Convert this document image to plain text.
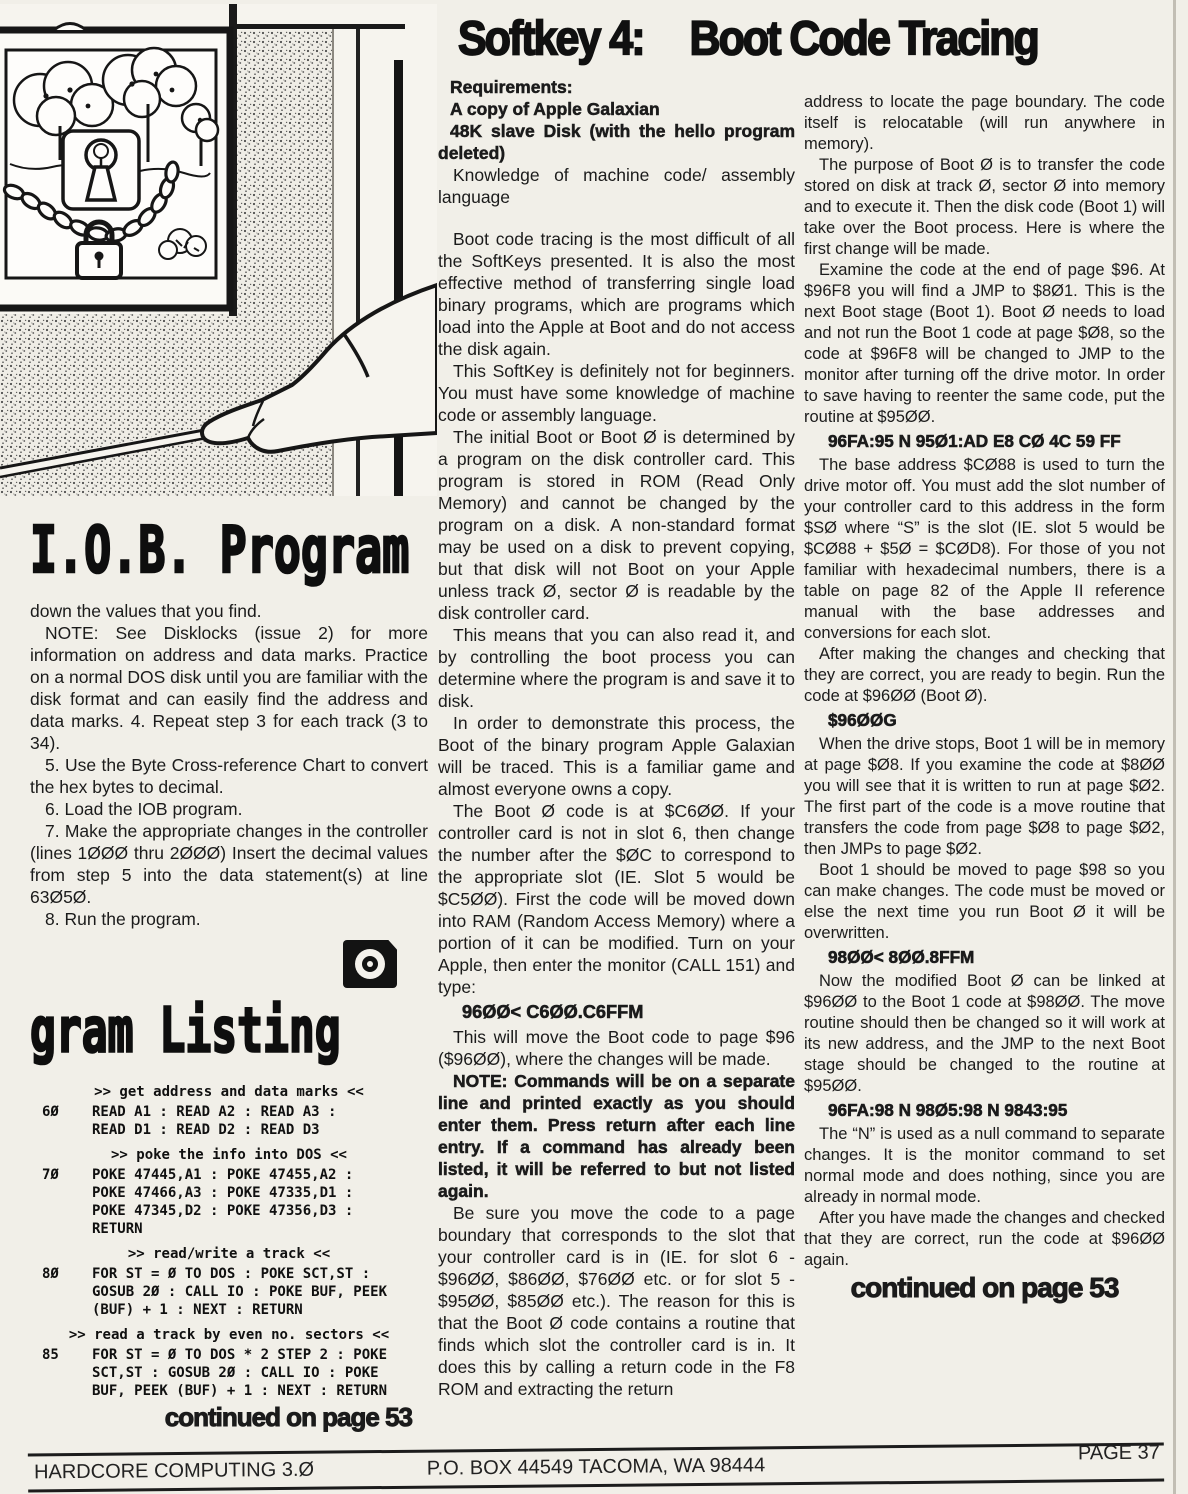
Softkey 4: Boot Code Tracing
I.O.B. Program

down the values that you find.

NOTE: See Disklocks (issue 2) for more information on address and data marks. Practice on a normal DOS disk until you are familiar with the disk format and can easily find the address and data marks. 4. Repeat step 3 for each track (3 to 34).

5. Use the Byte Cross-reference Chart to convert the hex bytes to decimal.

6. Load the IOB program.

7. Make the appropriate changes in the controller (lines 1ØØØ thru 2ØØØ) Insert the decimal values from step 5 into the data statement(s) at line 63Ø5Ø.

8. Run the program.

gram Listing
>> get address and data marks <<
6Ø	READ A1 : READ A2 : READ A3 :
READ D1 : READ D2 : READ D3
>> poke the info into DOS <<
7Ø	POKE 47445,A1 : POKE 47455,A2 :
POKE 47466,A3 : POKE 47335,D1 :
POKE 47345,D2 : POKE 47356,D3 :
RETURN
>> read/write a track <<
8Ø	FOR ST = Ø TO DOS : POKE SCT,ST :
GOSUB 2Ø : CALL IO : POKE BUF, PEEK
(BUF) + 1 : NEXT : RETURN
>> read a track by even no. sectors <<
85	FOR ST = Ø TO DOS * 2 STEP 2 : POKE
SCT,ST : GOSUB 2Ø : CALL IO : POKE
BUF, PEEK (BUF) + 1 : NEXT : RETURN
continued on page 53

Requirements:

A copy of Apple Galaxian

48K slave Disk (with the hello program deleted)

Knowledge of machine code/ assembly language

Boot code tracing is the most difficult of all the SoftKeys presented. It is also the most effective method of transferring single load binary programs, which are programs which load into the Apple at Boot and do not access the disk again.

This SoftKey is definitely not for beginners. You must have some knowledge of machine code or assembly language.

The initial Boot or Boot Ø is determined by a program on the disk controller card. This program is stored in ROM (Read Only Memory) and cannot be changed by the program on a disk. A non-standard format may be used on a disk to prevent copying, but that disk will not Boot on your Apple unless track Ø, sector Ø is readable by the disk controller card.

This means that you can also read it, and by controlling the boot process you can determine where the program is and save it to disk.

In order to demonstrate this process, the Boot of the binary program Apple Galaxian will be traced. This is a familiar game and almost everyone owns a copy.

The Boot Ø code is at $C6ØØ. If your controller card is not in slot 6, then change the number after the $ØC to correspond to the appropriate slot (IE. Slot 5 would be $C5ØØ). First the code will be moved down into RAM (Random Access Memory) where a portion of it can be modified. Turn on your Apple, then enter the monitor (CALL 151) and type:

96ØØ< C6ØØ.C6FFM

This will move the Boot code to page $96 ($96ØØ), where the changes will be made.

NOTE: Commands will be on a separate line and printed exactly as you should enter them. Press return after each line entry. If a command has already been listed, it will be referred to but not listed again.

Be sure you move the code to a page boundary that corresponds to the slot that your controller card is in (IE. for slot 6 - $96ØØ, $86ØØ, $76ØØ etc. or for slot 5 - $95ØØ, $85ØØ etc.). The reason for this is that the Boot Ø code contains a routine that finds which slot the controller card is in. It does this by calling a return code in the F8 ROM and extracting the return

address to locate the page boundary. The code itself is relocatable (will run anywhere in memory).

The purpose of Boot Ø is to transfer the code stored on disk at track Ø, sector Ø into memory and to execute it. Then the disk code (Boot 1) will take over the Boot process. Here is where the first change will be made.

Examine the code at the end of page $96. At $96F8 you will find a JMP to $8Ø1. This is the next Boot stage (Boot 1). Boot Ø needs to load and not run the Boot 1 code at page $Ø8, so the code at $96F8 will be changed to JMP to the monitor after turning off the drive motor. In order to save having to reenter the same code, put the routine at $95ØØ.

96FA:95 N 95Ø1:AD E8 CØ 4C 59 FF

The base address $CØ88 is used to turn the drive motor off. You must add the slot number of your controller card to this address in the form $SØ where “S” is the slot (IE. slot 5 would be $CØ88 + $5Ø = $CØD8). For those of you not familiar with hexadecimal numbers, there is a table on page 82 of the Apple II reference manual with the base addresses and conversions for each slot.

After making the changes and checking that they are correct, you are ready to begin. Run the code at $96ØØ (Boot Ø).

$96ØØG

When the drive stops, Boot 1 will be in memory at page $Ø8. If you examine the code at $8ØØ you will see that it is written to run at page $Ø2. The first part of the code is a move routine that transfers the code from page $Ø8 to page $Ø2, then JMPs to page $Ø2.

Boot 1 should be moved to page $98 so you can make changes. The code must be moved or else the next time you run Boot Ø it will be overwritten.

98ØØ< 8ØØ.8FFM

Now the modified Boot Ø can be linked at $96ØØ to the Boot 1 code at $98ØØ. The move routine should then be changed so it will work at its new address, and the JMP to the next Boot stage should be changed to the routine at $95ØØ.

96FA:98 N 98Ø5:98 N 9843:95

The “N” is used as a null command to separate changes. It is the monitor command to set normal mode and does nothing, since you are already in normal mode.

After you have made the changes and checked that they are correct, run the code at $96ØØ again.

continued on page 53
HARDCORE COMPUTING 3.Ø	P.O. BOX 44549 TACOMA, WA 98444
PAGE 37
